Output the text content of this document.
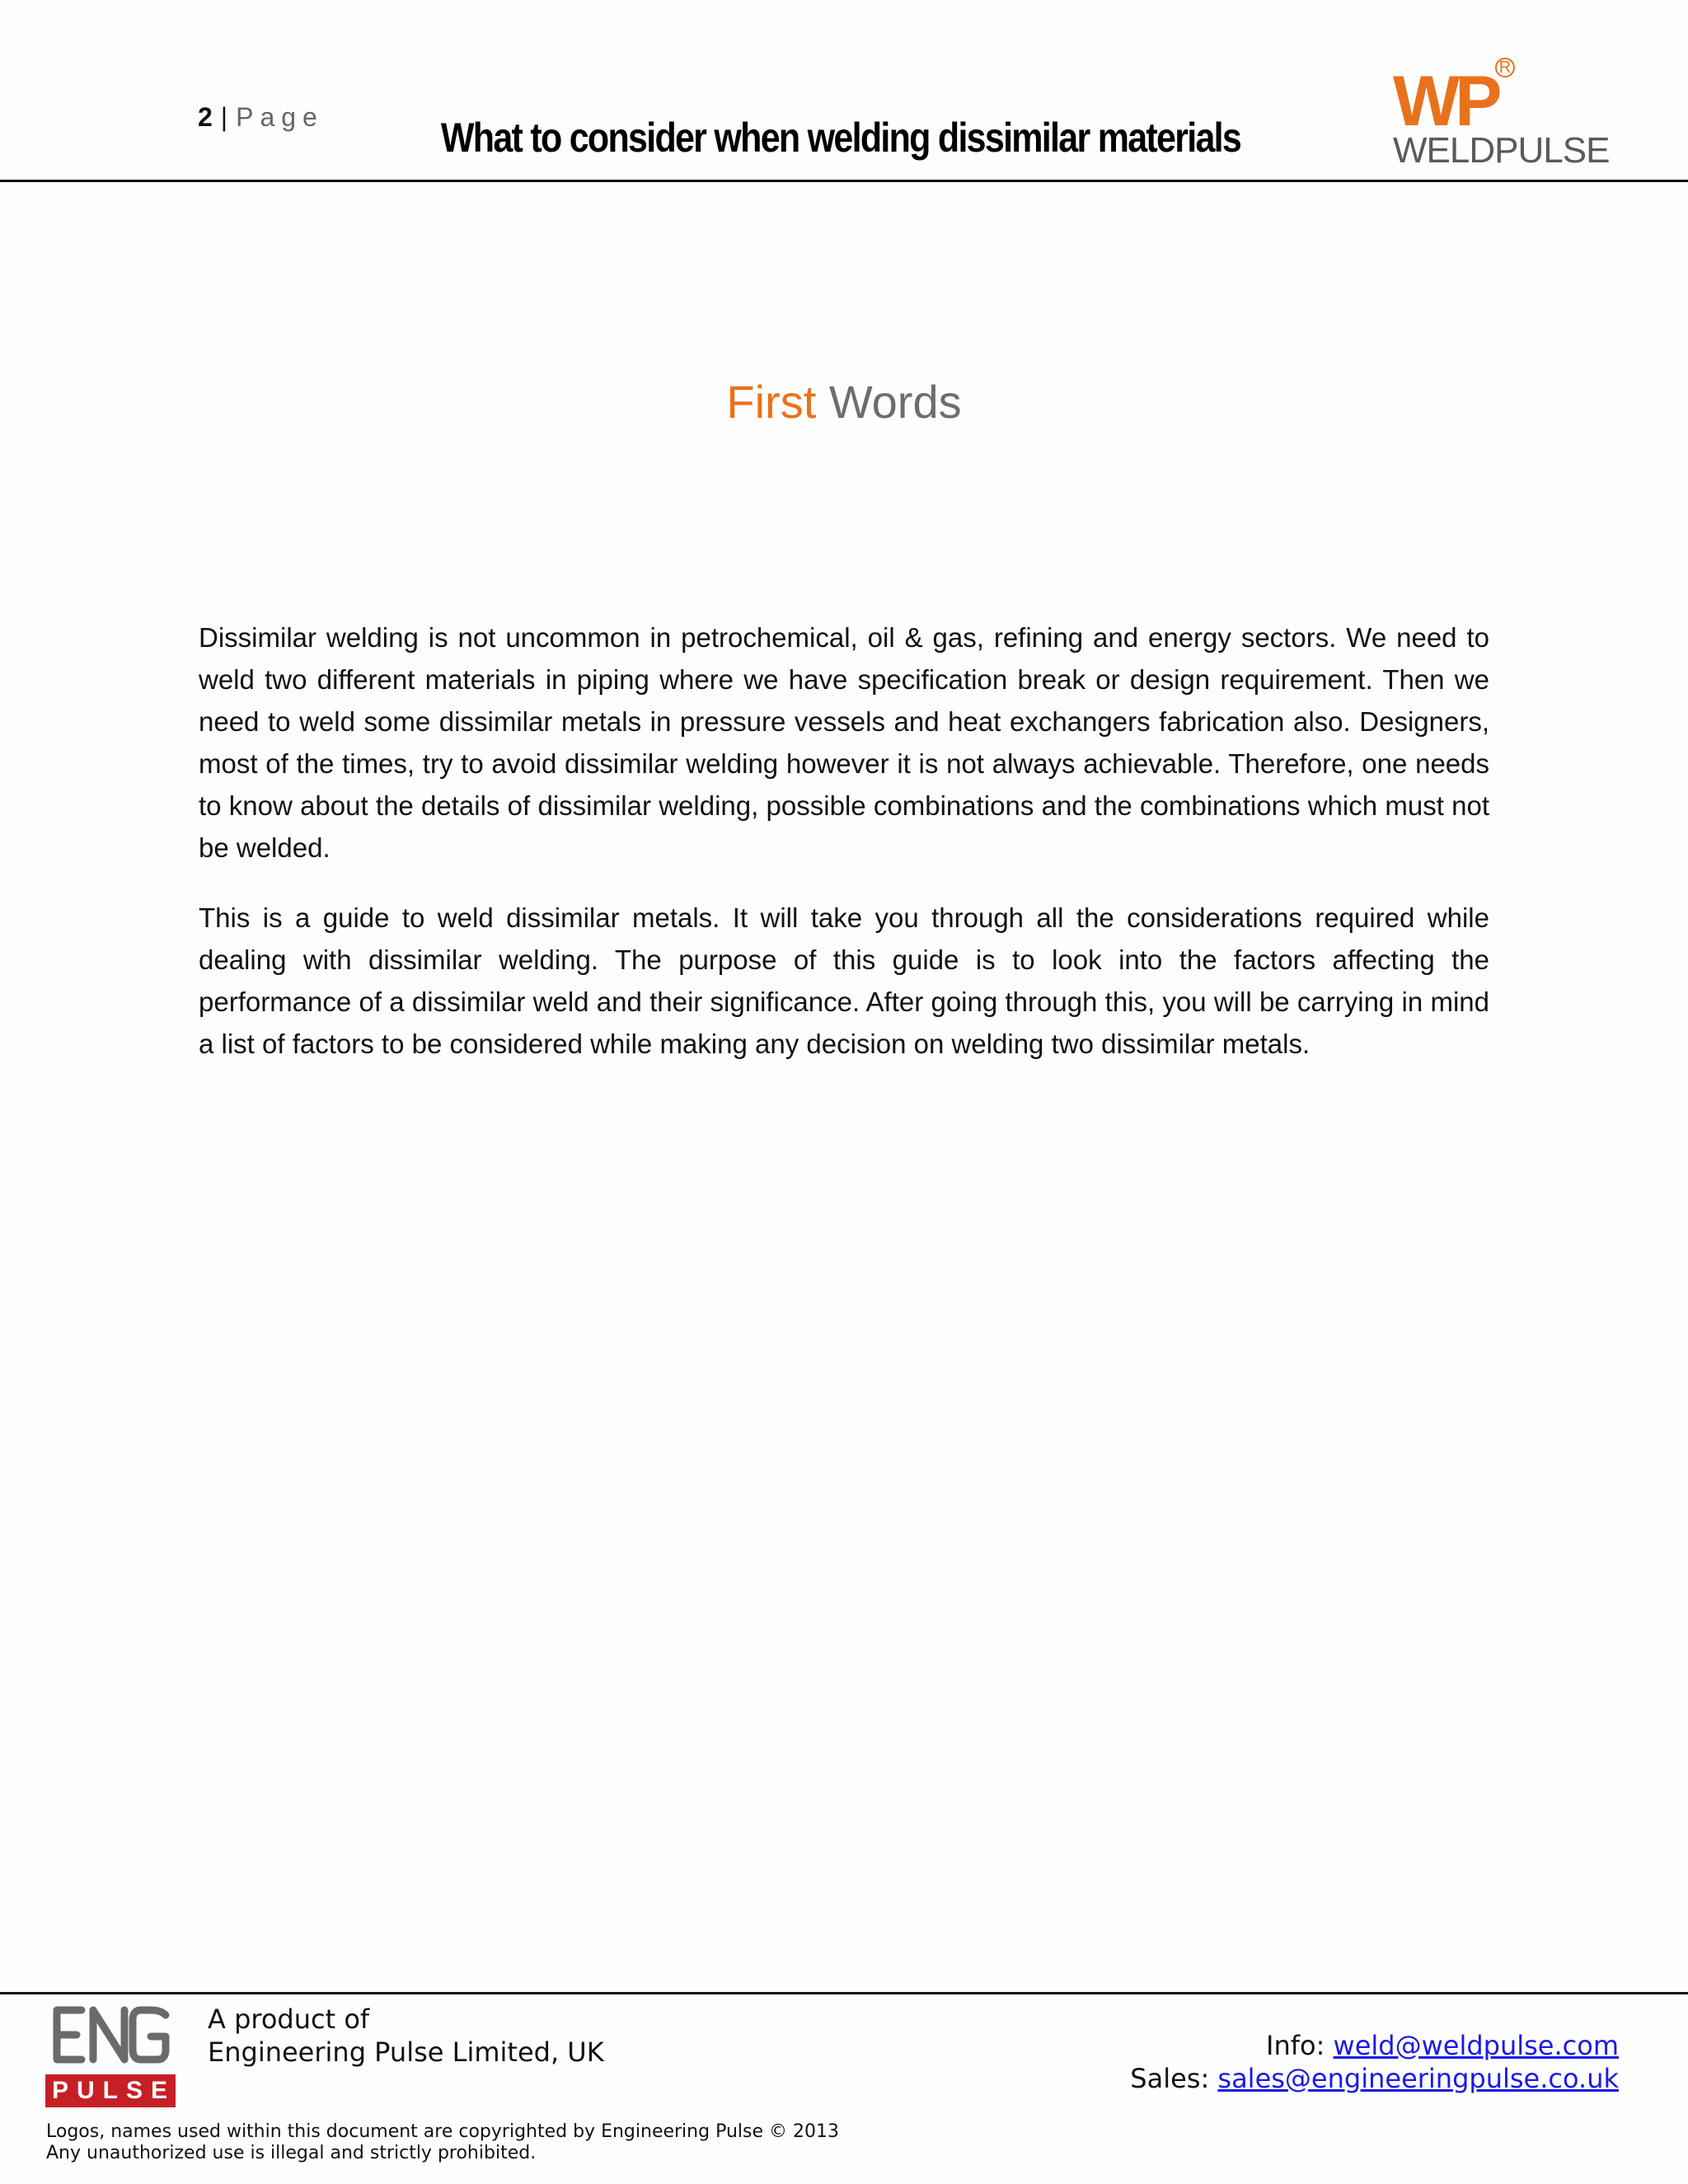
2 | Page	What to consider when welding dissimilar materials	WP R
WELDPULSE
First Words

Dissimilar welding is not uncommon in petrochemical, oil & gas, refining and energy sectors. We need to weld two different materials in piping where we have specification break or design requirement. Then we need to weld some dissimilar metals in pressure vessels and heat exchangers fabrication also. Designers, most of the times, try to avoid dissimilar welding however it is not always achievable. Therefore, one needs to know about the details of dissimilar welding, possible combinations and the combinations which must not be welded.

This is a guide to weld dissimilar metals. It will take you through all the considerations required while dealing with dissimilar welding. The purpose of this guide is to look into the factors affecting the performance of a dissimilar weld and their significance. After going through this, you will be carrying in mind a list of factors to be considered while making any decision on welding two dissimilar metals.

PULSE
A product of
Engineering Pulse Limited, UK	Info: weld@weldpulse.com
Sales: sales@engineeringpulse.co.uk
Logos, names used within this document are copyrighted by Engineering Pulse © 2013
Any unauthorized use is illegal and strictly prohibited.
